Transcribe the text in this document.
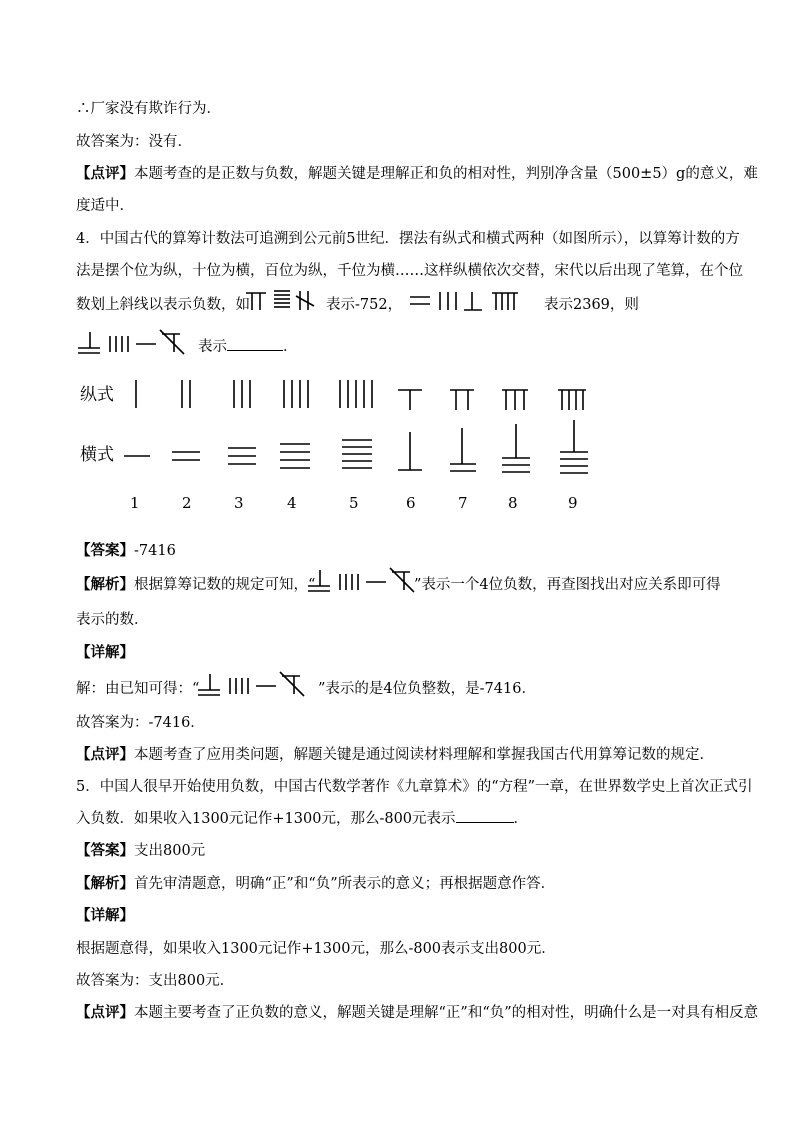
∴厂家没有欺诈行为．
故答案为：没有．
【点评】本题考查的是正数与负数，解题关键是理解正和负的相对性，判别净含量（500±5）g的意义，难
度适中．
4．中国古代的算筹计数法可追溯到公元前5世纪．摆法有纵式和横式两种（如图所示），以算筹计数的方
法是摆个位为纵，十位为横，百位为纵，千位为横……这样纵横依次交替，宋代以后出现了笔算，在个位
数划上斜线以表示负数，如	表示-752，	表示2369，则
表示	．
纵式
横式
1	2	3	4	5	6	7	8	9
【答案】-7416
【解析】根据算筹记数的规定可知，“	”表示一个4位负数，再查图找出对应关系即可得
表示的数．
【详解】
解：由已知可得：“	”表示的是4位负整数，是-7416．
故答案为：-7416．
【点评】本题考查了应用类问题，解题关键是通过阅读材料理解和掌握我国古代用算筹记数的规定．
5．中国人很早开始使用负数，中国古代数学著作《九章算术》的“方程”一章，在世界数学史上首次正式引
入负数．如果收入1300元记作+1300元，那么-800元表示	．
【答案】支出800元
【解析】首先审清题意，明确“正”和“负”所表示的意义；再根据题意作答．
【详解】
根据题意得，如果收入1300元记作+1300元，那么-800表示支出800元．
故答案为：支出800元．
【点评】本题主要考查了正负数的意义，解题关键是理解“正”和“负”的相对性，明确什么是一对具有相反意
